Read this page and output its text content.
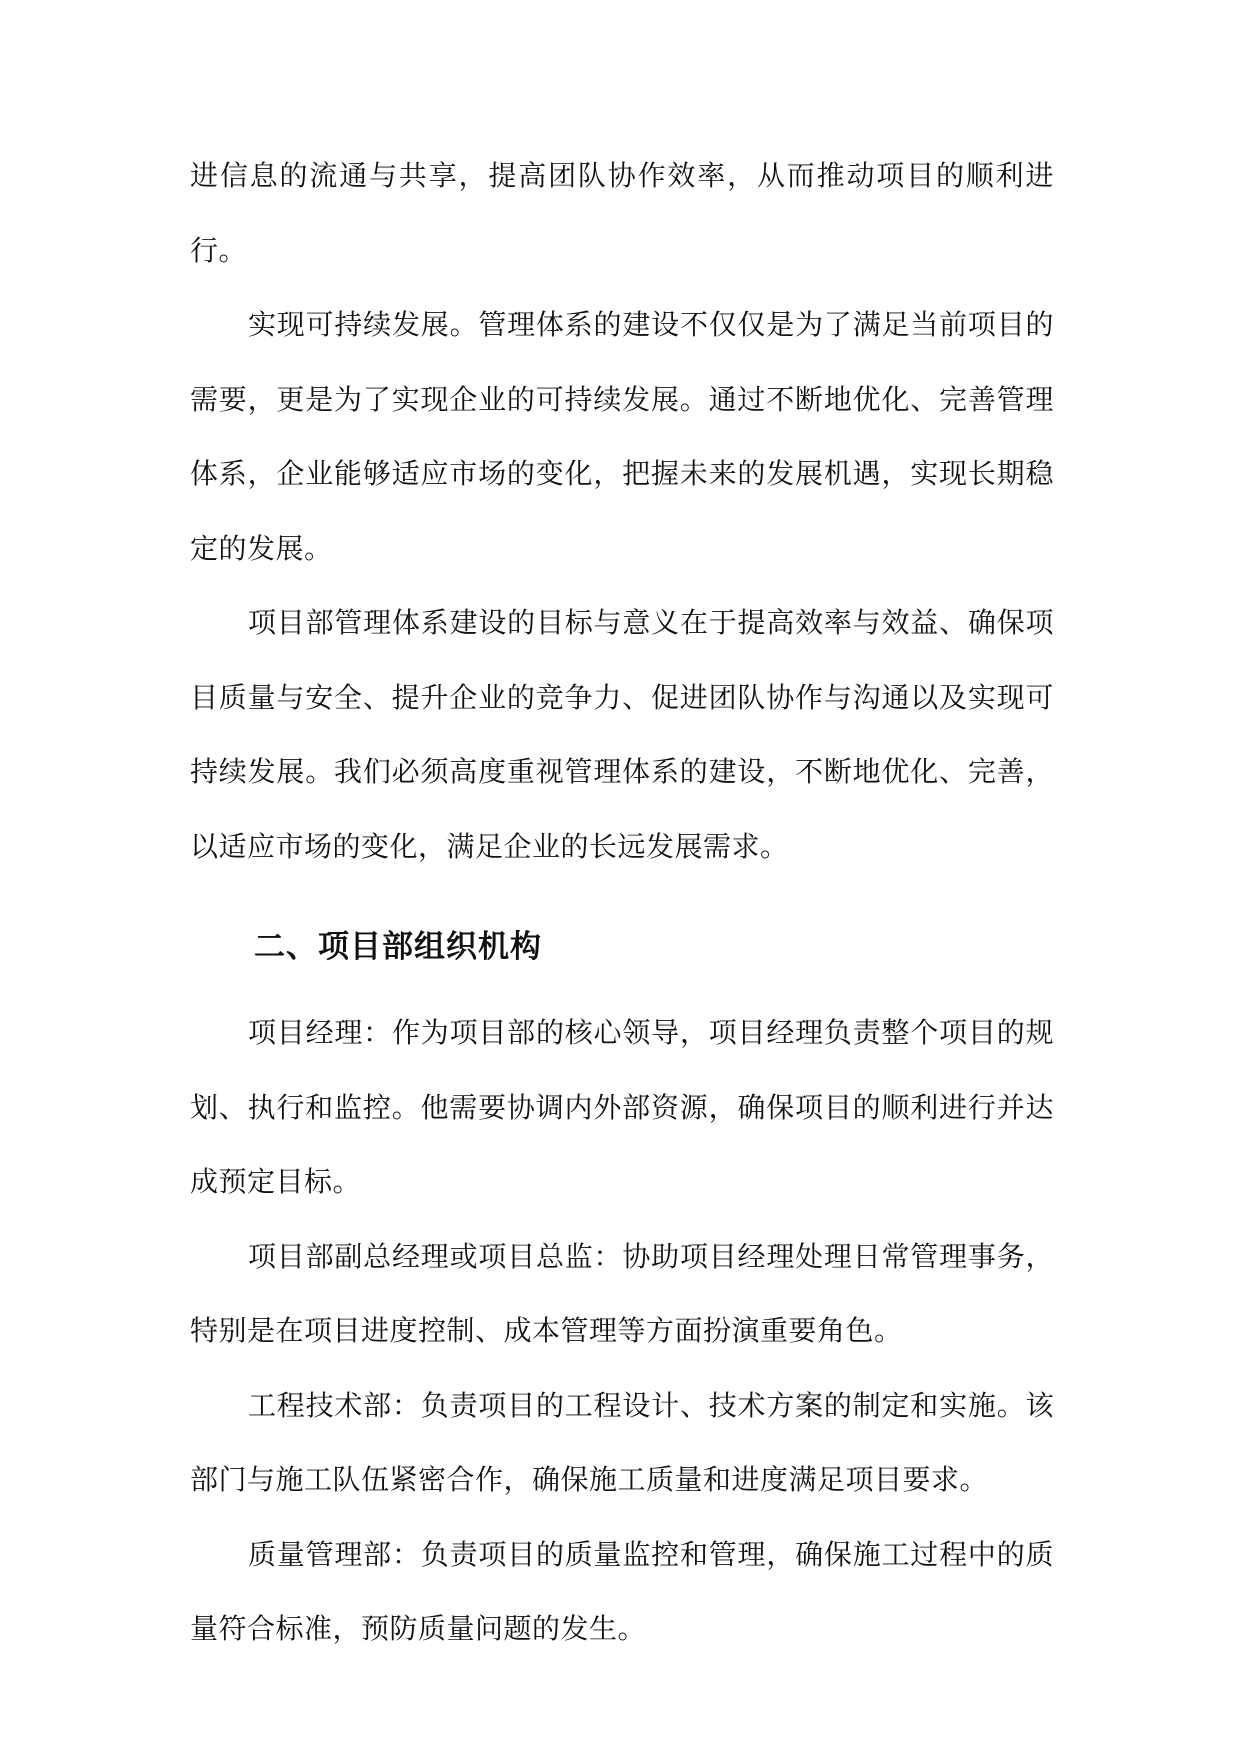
进信息的流通与共享，提高团队协作效率，从而推动项目的顺利进行。

实现可持续发展。管理体系的建设不仅仅是为了满足当前项目的需要，更是为了实现企业的可持续发展。通过不断地优化、完善管理体系，企业能够适应市场的变化，把握未来的发展机遇，实现长期稳定的发展。

项目部管理体系建设的目标与意义在于提高效率与效益、确保项目质量与安全、提升企业的竞争力、促进团队协作与沟通以及实现可持续发展。我们必须高度重视管理体系的建设，不断地优化、完善，以适应市场的变化，满足企业的长远发展需求。

二、项目部组织机构

项目经理：作为项目部的核心领导，项目经理负责整个项目的规划、执行和监控。他需要协调内外部资源，确保项目的顺利进行并达成预定目标。

项目部副总经理或项目总监：协助项目经理处理日常管理事务，特别是在项目进度控制、成本管理等方面扮演重要角色。

工程技术部：负责项目的工程设计、技术方案的制定和实施。该部门与施工队伍紧密合作，确保施工质量和进度满足项目要求。

质量管理部：负责项目的质量监控和管理，确保施工过程中的质量符合标准，预防质量问题的发生。
